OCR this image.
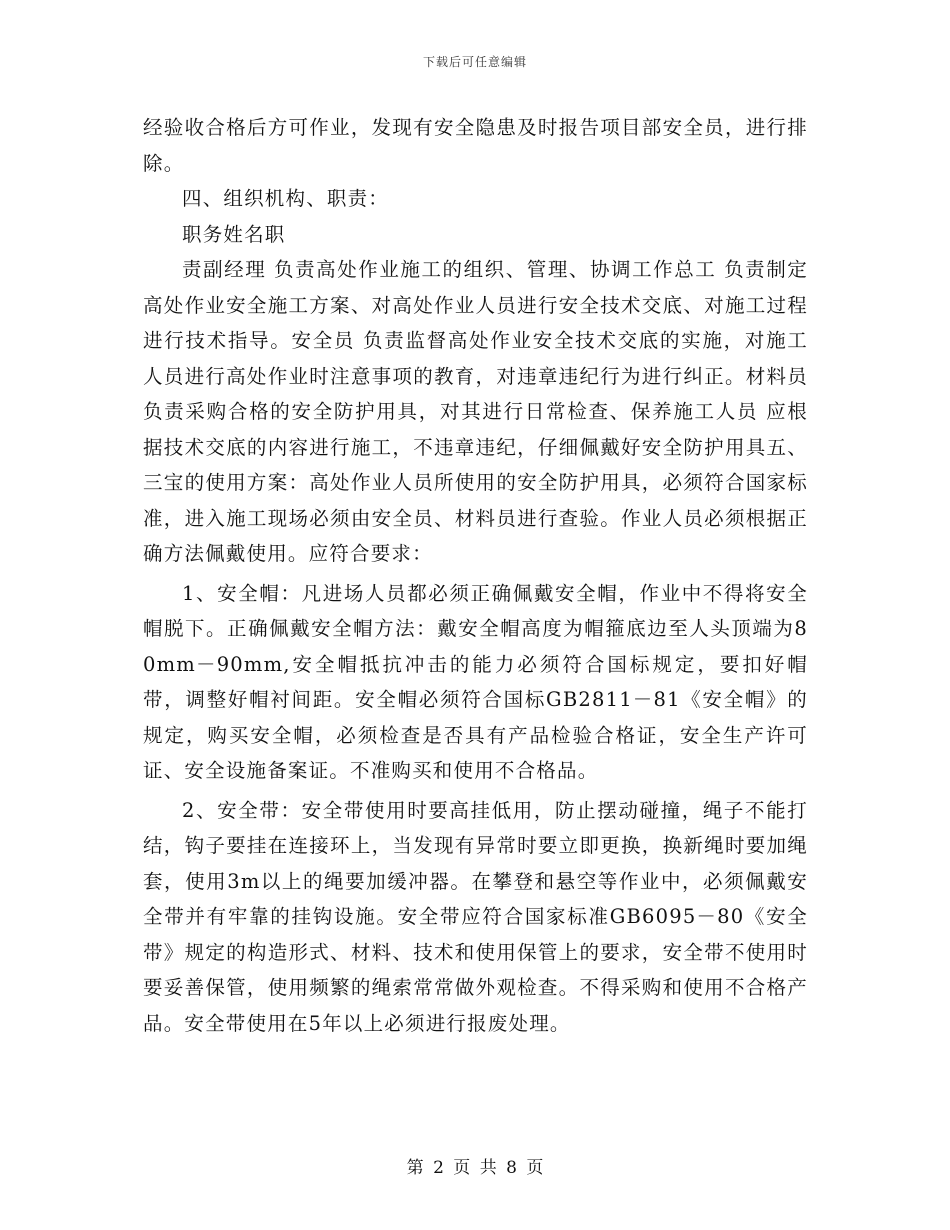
下载后可任意编辑

经验收合格后方可作业，发现有安全隐患及时报告项目部安全员，进行排除。

四、组织机构、职责：

职务姓名职

责副经理 负责高处作业施工的组织、管理、协调工作总工 负责制定高处作业安全施工方案、对高处作业人员进行安全技术交底、对施工过程进行技术指导。安全员 负责监督高处作业安全技术交底的实施，对施工人员进行高处作业时注意事项的教育，对违章违纪行为进行纠正。材料员 负责采购合格的安全防护用具，对其进行日常检查、保养施工人员 应根据技术交底的内容进行施工，不违章违纪，仔细佩戴好安全防护用具五、三宝的使用方案：高处作业人员所使用的安全防护用具，必须符合国家标准，进入施工现场必须由安全员、材料员进行查验。作业人员必须根据正确方法佩戴使用。应符合要求：

1、安全帽：凡进场人员都必须正确佩戴安全帽，作业中不得将安全帽脱下。正确佩戴安全帽方法：戴安全帽高度为帽箍底边至人头顶端为80mm－90mm,安全帽抵抗冲击的能力必须符合国标规定，要扣好帽带，调整好帽衬间距。安全帽必须符合国标GB2811－81《安全帽》的规定，购买安全帽，必须检查是否具有产品检验合格证，安全生产许可证、安全设施备案证。不准购买和使用不合格品。

2、安全带：安全带使用时要高挂低用，防止摆动碰撞，绳子不能打结，钩子要挂在连接环上，当发现有异常时要立即更换，换新绳时要加绳套，使用3m以上的绳要加缓冲器。在攀登和悬空等作业中，必须佩戴安全带并有牢靠的挂钩设施。安全带应符合国家标准GB6095－80《安全带》规定的构造形式、材料、技术和使用保管上的要求，安全带不使用时要妥善保管，使用频繁的绳索常常做外观检查。不得采购和使用不合格产品。安全带使用在5年以上必须进行报废处理。

第 2 页 共 8 页
